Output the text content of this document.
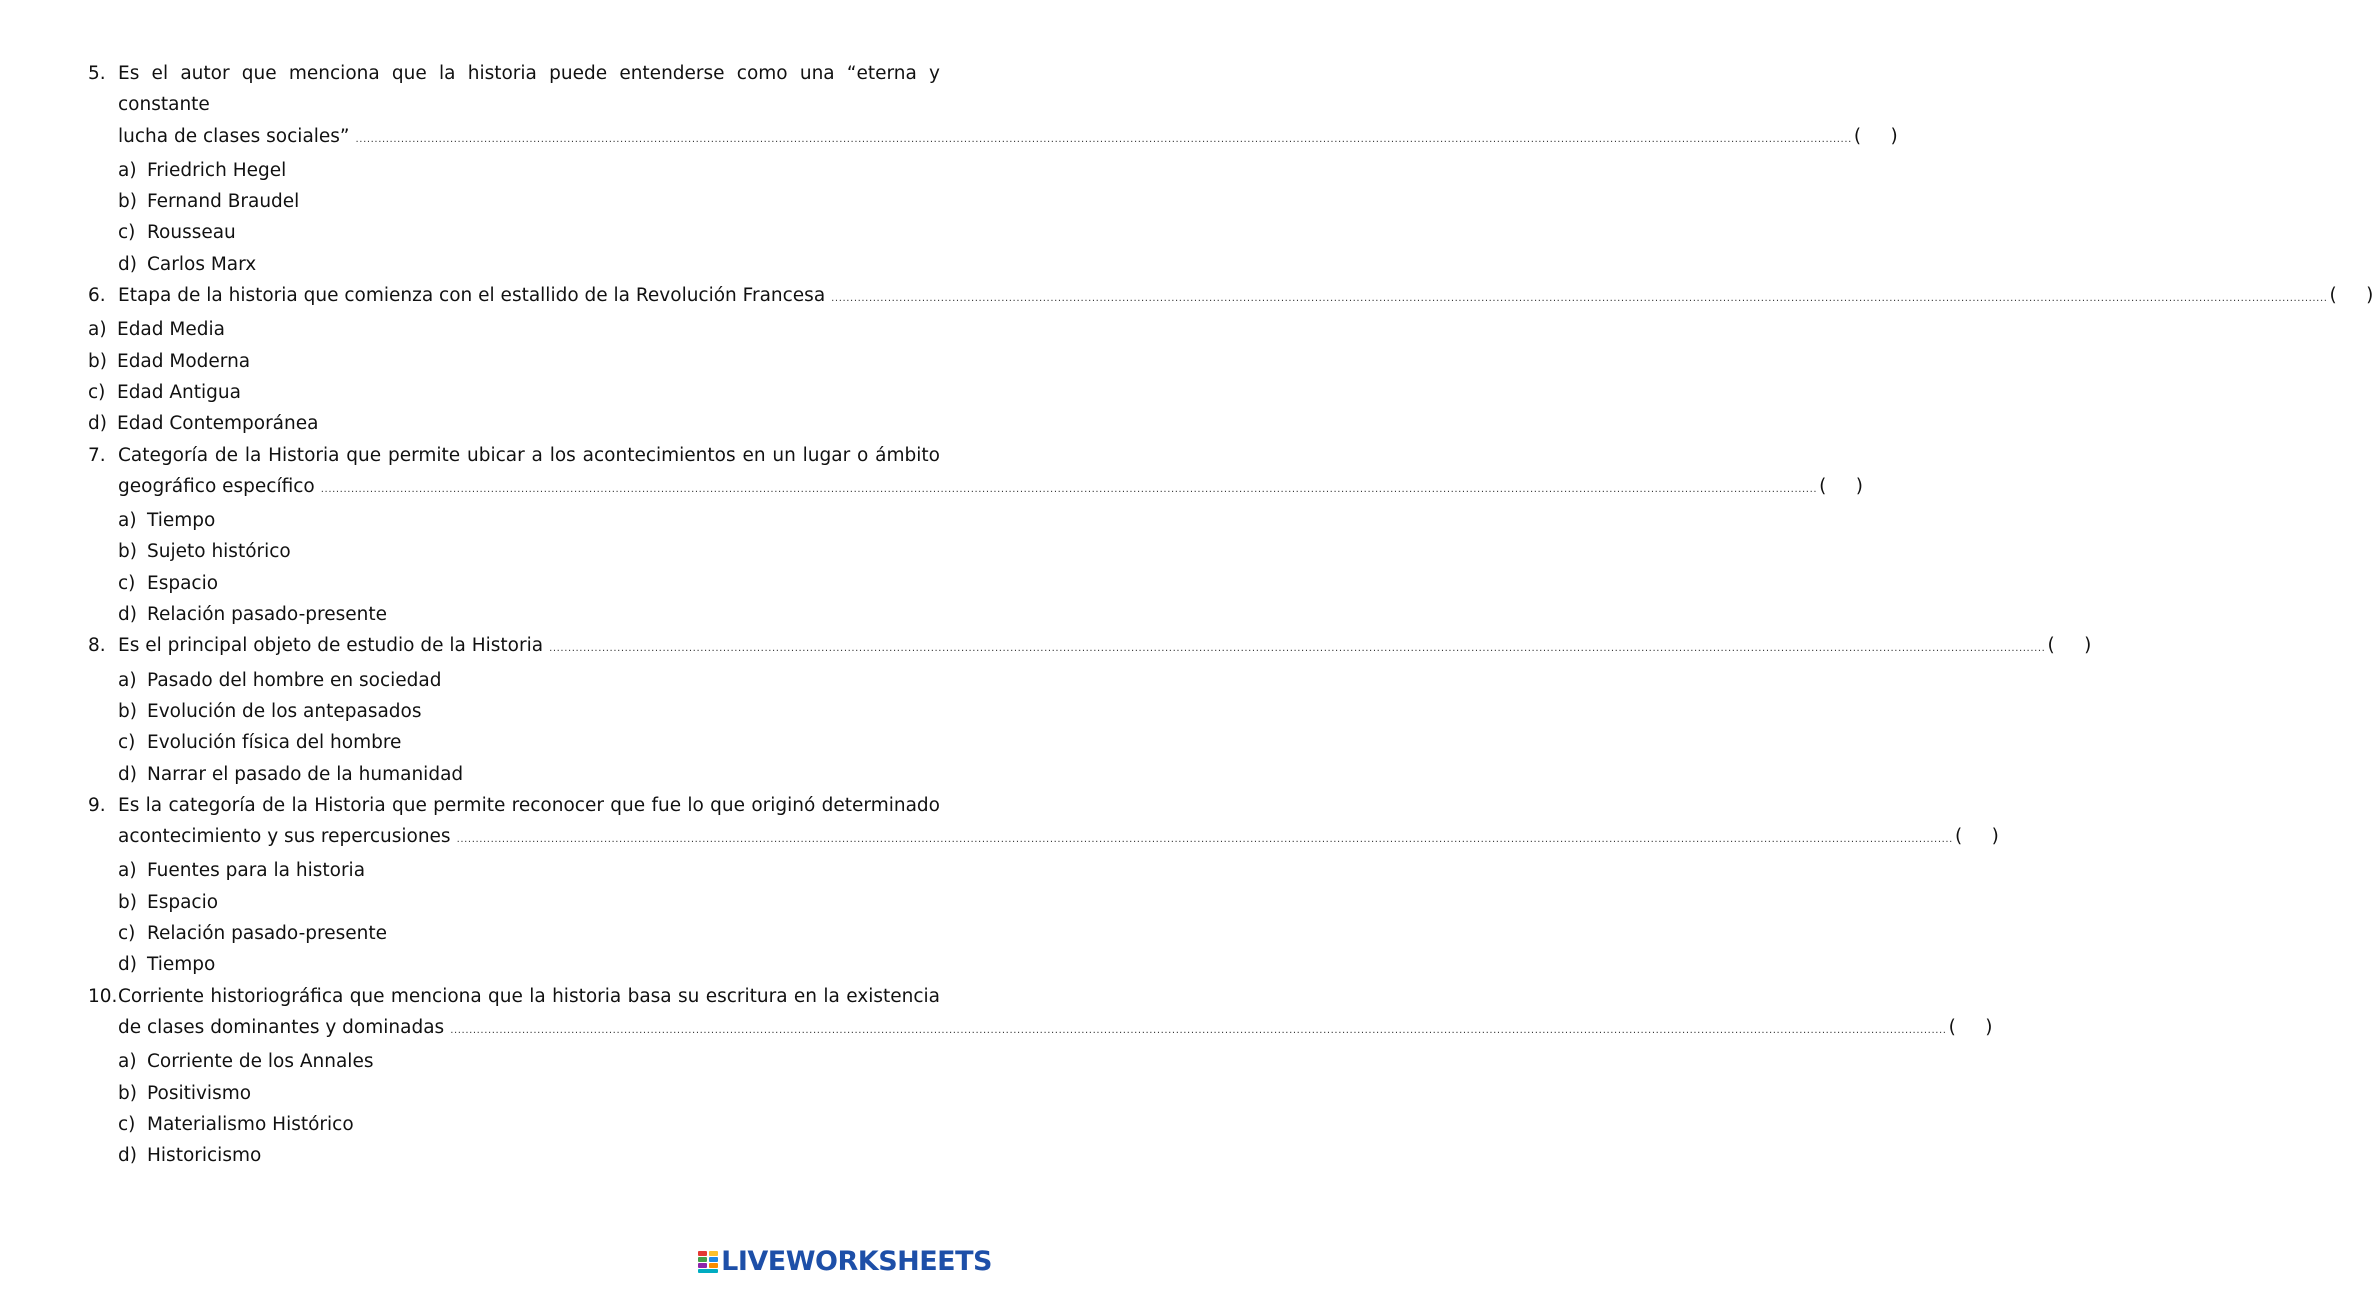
5. Es el autor que menciona que la historia puede entenderse como una “eterna y constante
lucha de clases sociales” ............................................................................................................................................................................................................................................................................................................................................................................................................ (     )
a) Friedrich Hegel
b) Fernand Braudel
c) Rousseau
d) Carlos Marx
6. Etapa de la historia que comienza con el estallido de la Revolución Francesa ............................................................................................................................................................................................................................................................................................................................................................................................................ (     )
a) Edad Media
b) Edad Moderna
c) Edad Antigua
d) Edad Contemporánea
7. Categoría de la Historia que permite ubicar a los acontecimientos en un lugar o ámbito
geográfico específico ............................................................................................................................................................................................................................................................................................................................................................................................................ (     )
a) Tiempo
b) Sujeto histórico
c) Espacio
d) Relación pasado-presente
8. Es el principal objeto de estudio de la Historia ............................................................................................................................................................................................................................................................................................................................................................................................................ (     )
a) Pasado del hombre en sociedad
b) Evolución de los antepasados
c) Evolución física del hombre
d) Narrar el pasado de la humanidad
9. Es la categoría de la Historia que permite reconocer que fue lo que originó determinado
acontecimiento y sus repercusiones ............................................................................................................................................................................................................................................................................................................................................................................................................ (     )
a) Fuentes para la historia
b) Espacio
c) Relación pasado-presente
d) Tiempo
10. Corriente historiográfica que menciona que la historia basa su escritura en la existencia
de clases dominantes y dominadas ............................................................................................................................................................................................................................................................................................................................................................................................................ (     )
a) Corriente de los Annales
b) Positivismo
c) Materialismo Histórico
d) Historicismo
LIVEWORKSHEETS
